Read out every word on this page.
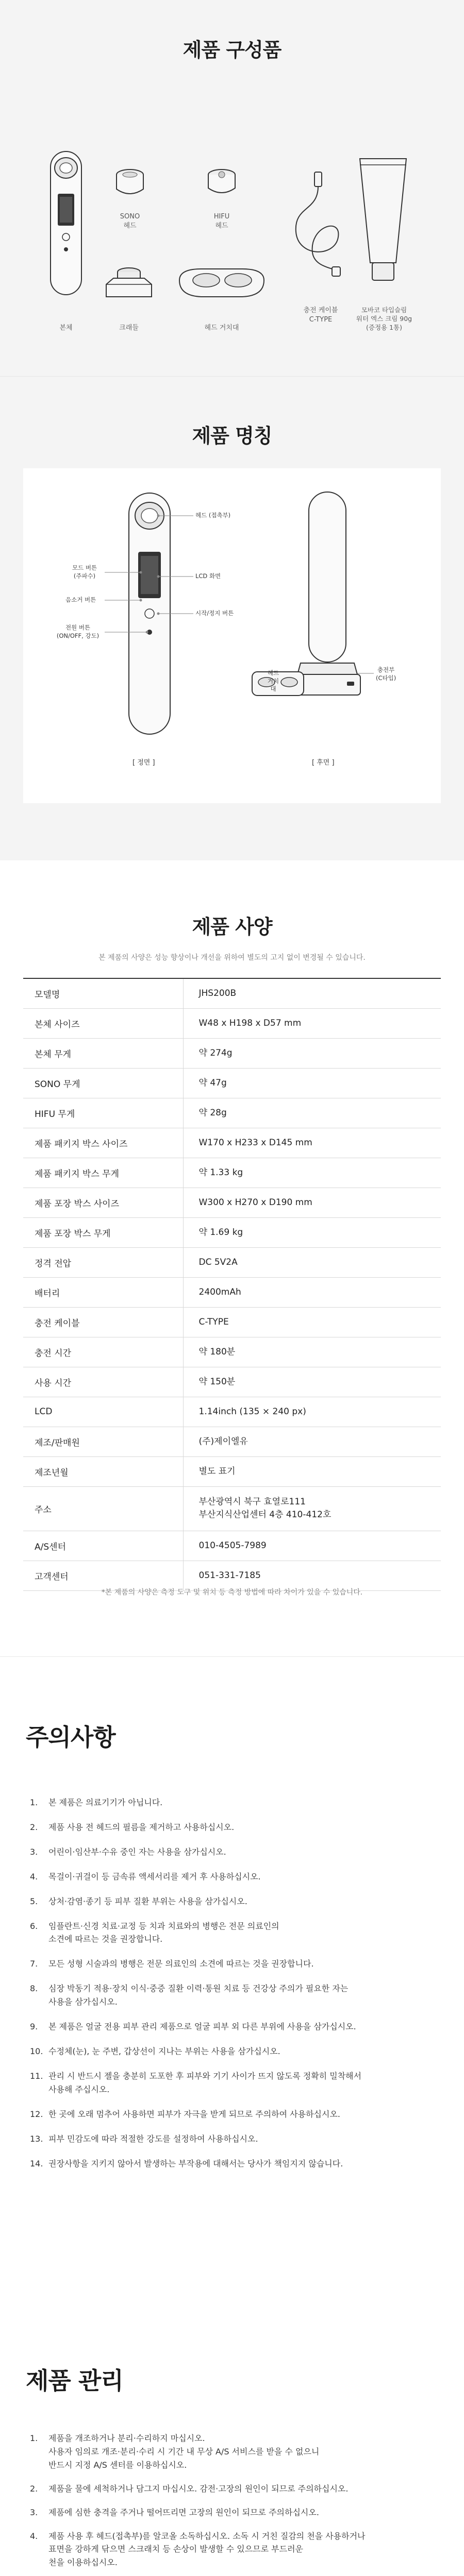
제품 구성품
본체
SONO
헤드
HIFU
헤드
충전 케이블
C-TYPE
모바코 타입슬림
워터 엑스 크림 90g
(증정용 1통)
크래들	헤드 거치대
제품 명칭
헤드 (접촉부)
모드 버튼
(주파수)	LCD 화면
음소거 버튼
시작/정지 버튼
전원 버튼
(ON/OFF, 강도)
헤드
거치대
충전부
(C타입)
[ 정면 ]	[ 후면 ]
제품 사양

본 제품의 사양은 성능 향상이나 개선을 위하여 별도의 고지 없이 변경될 수 있습니다.

모델명	JHS200B
본체 사이즈	W48 x H198 x D57 mm
본체 무게	약 274g
SONO 무게	약 47g
HIFU 무게	약 28g
제품 패키지 박스 사이즈	W170 x H233 x D145 mm
제품 패키지 박스 무게	약 1.33 kg
제품 포장 박스 사이즈	W300 x H270 x D190 mm
제품 포장 박스 무게	약 1.69 kg
정격 전압	DC 5V2A
배터리	2400mAh
충전 케이블	C-TYPE
충전 시간	약 180분
사용 시간	약 150분
LCD	1.14inch (135 × 240 px)
제조/판매원	(주)제이엘유
제조년월	별도 표기
주소	부산광역시 북구 효열로111
부산지식산업센터 4층 410-412호
A/S센터	010-4505-7989
고객센터	051-331-7185

*본 제품의 사양은 측정 도구 및 위치 등 측정 방법에 따라 차이가 있을 수 있습니다.

주의사항
1.	본 제품은 의료기기가 아닙니다.
2.	제품 사용 전 헤드의 필름을 제거하고 사용하십시오.
3.	어린이·임산부·수유 중인 자는 사용을 삼가십시오.
4.	목걸이·귀걸이 등 금속류 액세서리를 제거 후 사용하십시오.
5.	상처·감염·종기 등 피부 질환 부위는 사용을 삼가십시오.
6.	임플란트·신경 치료·교정 등 치과 치료와의 병행은 전문 의료인의
소견에 따르는 것을 권장합니다.
7.	모든 성형 시술과의 병행은 전문 의료인의 소견에 따르는 것을 권장합니다.
8.	심장 박동기 적용·장치 이식·중증 질환 이력·통원 치료 등 건강상 주의가 필요한 자는
사용을 삼가십시오.
9.	본 제품은 얼굴 전용 피부 관리 제품으로 얼굴 피부 외 다른 부위에 사용을 삼가십시오.
10. 수정체(눈), 눈 주변, 갑상선이 지나는 부위는 사용을 삼가십시오.
11. 관리 시 반드시 젤을 충분히 도포한 후 피부와 기기 사이가 뜨지 않도록 정확히 밀착해서
사용해 주십시오.
12. 한 곳에 오래 멈추어 사용하면 피부가 자극을 받게 되므로 주의하여 사용하십시오.
13. 피부 민감도에 따라 적절한 강도를 설정하여 사용하십시오.
14. 권장사항을 지키지 않아서 발생하는 부작용에 대해서는 당사가 책임지지 않습니다.
제품 관리
1.	제품을 개조하거나 분리·수리하지 마십시오.
사용자 임의로 개조·분리·수리 시 기간 내 무상 A/S 서비스를 받을 수 없으니
반드시 지정 A/S 센터를 이용하십시오.
2.	제품을 물에 세척하거나 담그지 마십시오. 감전·고장의 원인이 되므로 주의하십시오.
3.	제품에 심한 충격을 주거나 떨어뜨리면 고장의 원인이 되므로 주의하십시오.
4.	제품 사용 후 헤드(접촉부)를 알코올 소독하십시오. 소독 시 거친 질감의 천을 사용하거나
표면을 강하게 닦으면 스크래치 등 손상이 발생할 수 있으므로 부드러운
천을 이용하십시오.
